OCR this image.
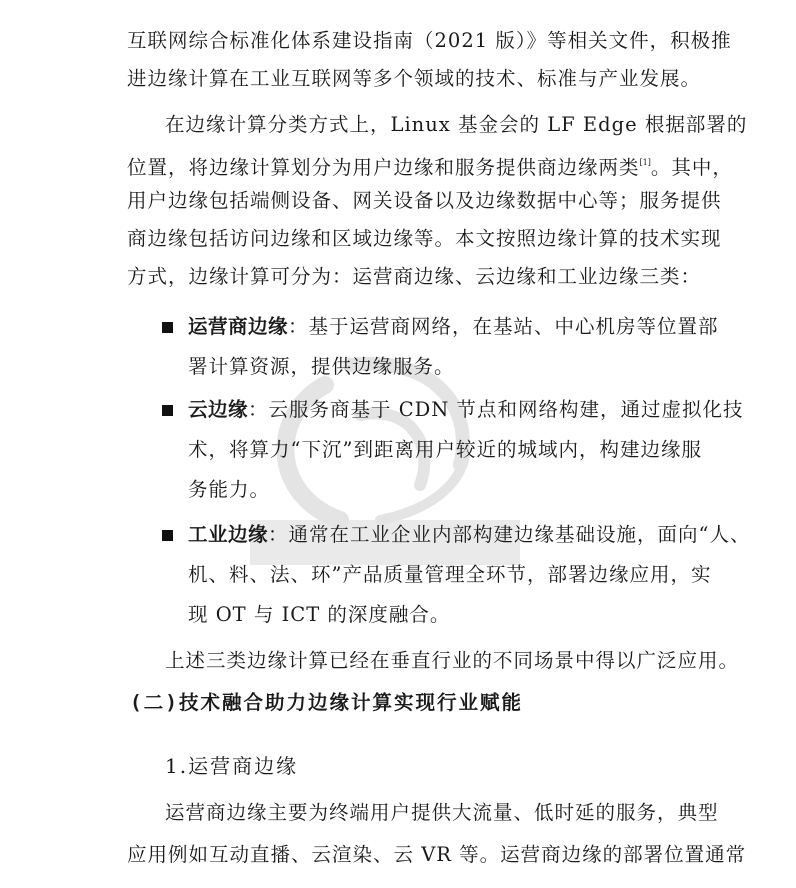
互联网综合标准化体系建设指南（2021 版）》等相关文件，积极推
进边缘计算在工业互联网等多个领域的技术、标准与产业发展。
在边缘计算分类方式上，Linux 基金会的 LF Edge 根据部署的
位置，将边缘计算划分为用户边缘和服务提供商边缘两类[1]。其中，
用户边缘包括端侧设备、网关设备以及边缘数据中心等；服务提供
商边缘包括访问边缘和区域边缘等。本文按照边缘计算的技术实现
方式，边缘计算可分为：运营商边缘、云边缘和工业边缘三类：
运营商边缘：基于运营商网络，在基站、中心机房等位置部
署计算资源，提供边缘服务。
云边缘：云服务商基于 CDN 节点和网络构建，通过虚拟化技
术，将算力“下沉”到距离用户较近的城域内，构建边缘服
务能力。
工业边缘：通常在工业企业内部构建边缘基础设施，面向“人、
机、料、法、环”产品质量管理全环节，部署边缘应用，实
现 OT 与 ICT 的深度融合。
上述三类边缘计算已经在垂直行业的不同场景中得以广泛应用。
(二)技术融合助力边缘计算实现行业赋能
1.运营商边缘
运营商边缘主要为终端用户提供大流量、低时延的服务，典型
应用例如互动直播、云渲染、云 VR 等。运营商边缘的部署位置通常
